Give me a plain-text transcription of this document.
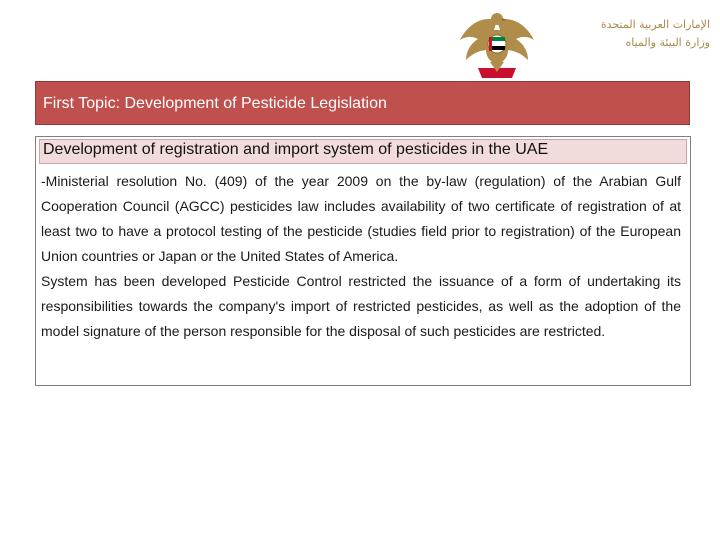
الإمارات العربية المتحدة
وزارة البيئة والمياه
First Topic: Development of Pesticide Legislation
Development of registration and import system of pesticides in the UAE

-Ministerial resolution No. (409) of the year 2009 on the by-law (regulation) of the Arabian Gulf Cooperation Council (AGCC) pesticides law includes availability of two certificate of registration of at least two to have a protocol testing of the pesticide (studies field prior to registration) of the European Union countries or Japan or the United States of America.

System has been developed Pesticide Control restricted the issuance of a form of undertaking its responsibilities towards the company's import of restricted pesticides, as well as the adoption of the model signature of the person responsible for the disposal of such pesticides are restricted.
